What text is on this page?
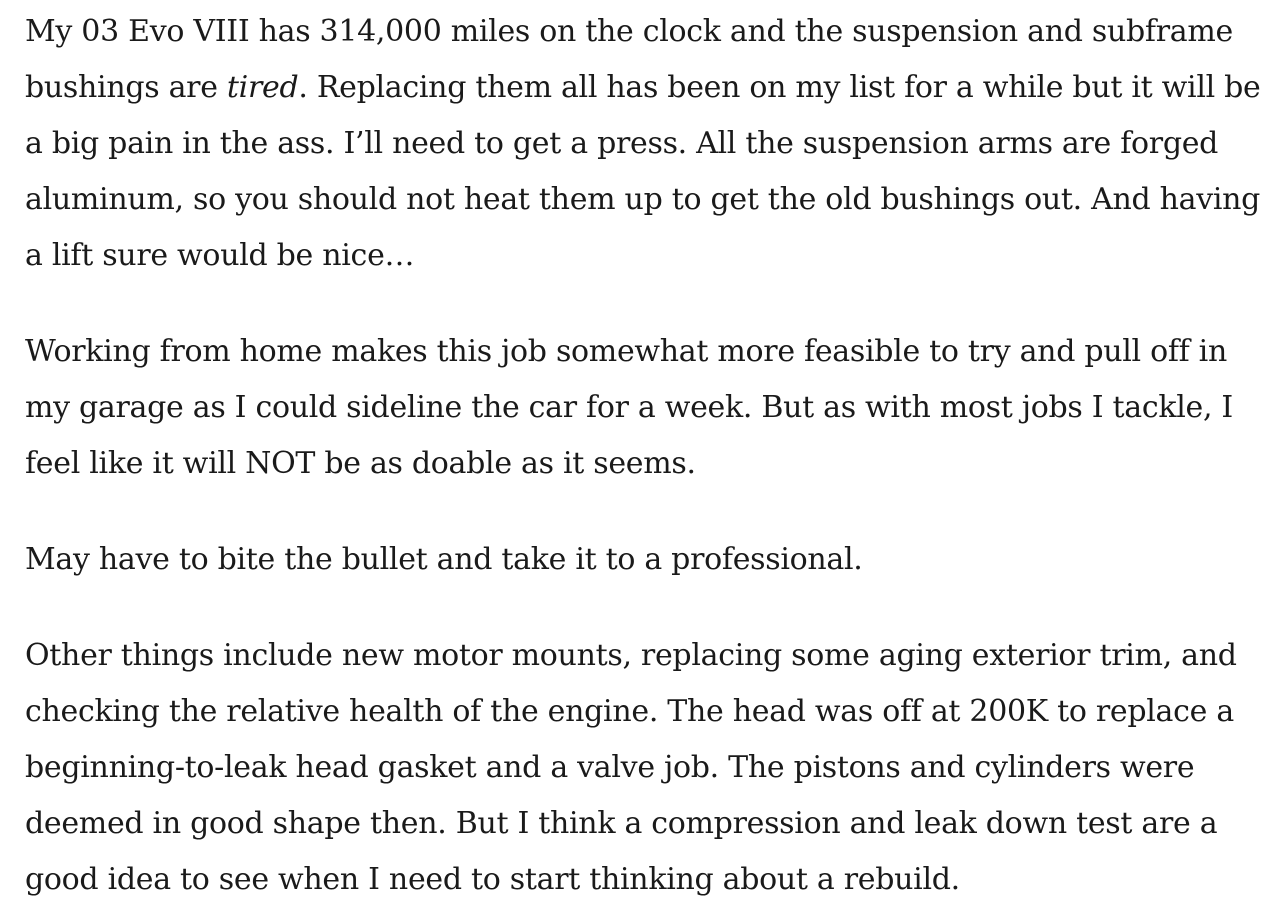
My 03 Evo VIII has 314,000 miles on the clock and the suspension and subframe bushings are tired. Replacing them all has been on my list for a while but it will be a big pain in the ass. I’ll need to get a press. All the suspension arms are forged aluminum, so you should not heat them up to get the old bushings out. And having a lift sure would be nice…

Working from home makes this job somewhat more feasible to try and pull off in my garage as I could sideline the car for a week. But as with most jobs I tackle, I feel like it will NOT be as doable as it seems.

May have to bite the bullet and take it to a professional.

Other things include new motor mounts, replacing some aging exterior trim, and checking the relative health of the engine. The head was off at 200K to replace a beginning-to-leak head gasket and a valve job. The pistons and cylinders were deemed in good shape then. But I think a compression and leak down test are a good idea to see when I need to start thinking about a rebuild.
